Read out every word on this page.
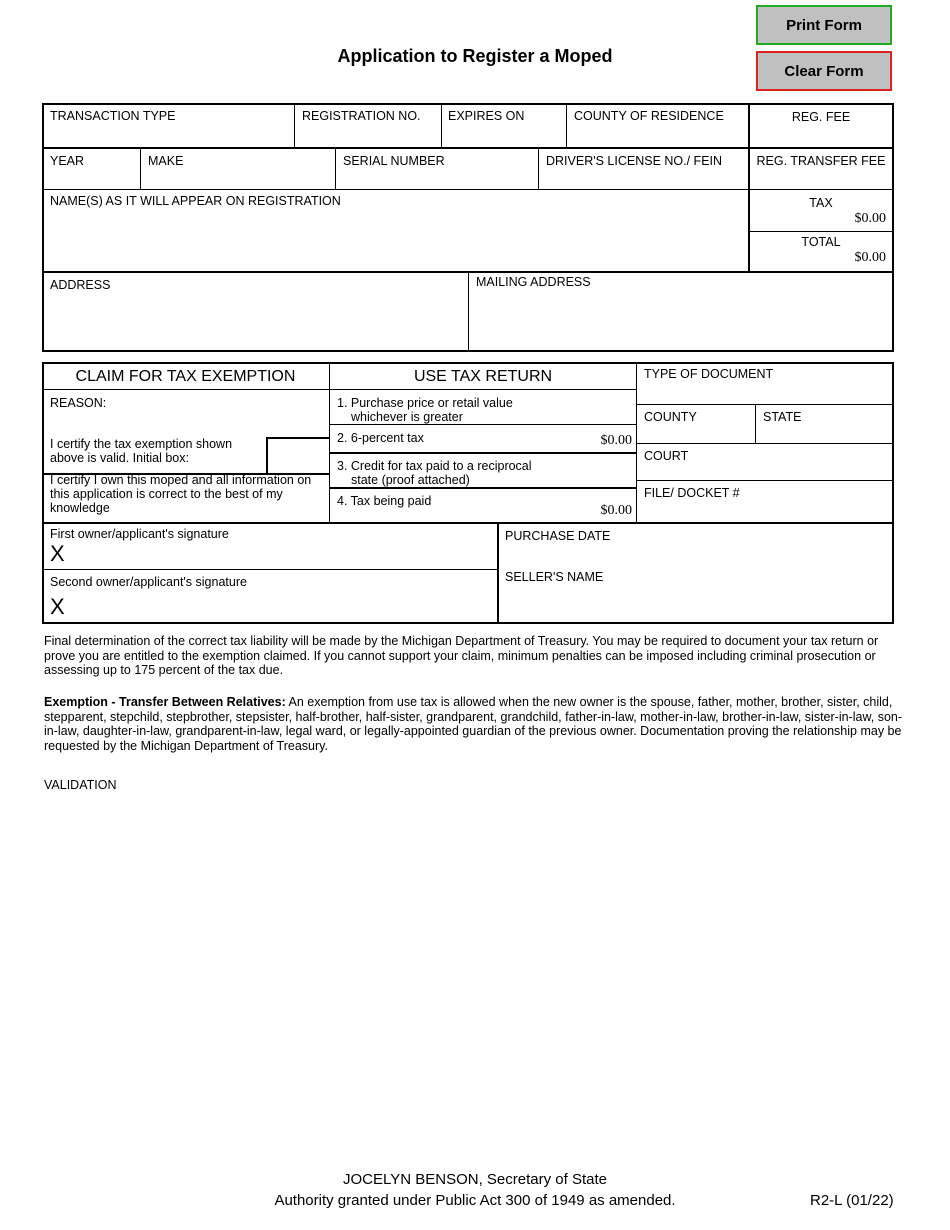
Print Form
Clear Form
Application to Register a Moped
TRANSACTION TYPE	REGISTRATION NO. EXPIRES ON	COUNTY OF RESIDENCE	REG. FEE
YEAR	MAKE	SERIAL NUMBER	DRIVER'S LICENSE NO./ FEIN	REG. TRANSFER FEE
NAME(S) AS IT WILL APPEAR ON REGISTRATION	TAX
$0.00
TOTAL
$0.00
ADDRESS	MAILING ADDRESS
CLAIM FOR TAX EXEMPTION	USE TAX RETURN
REASON:
I certify the tax exemption shown above is valid. Initial box:
I certify I own this moped and all information on this application is correct to the best of my knowledge
1. Purchase price or retail value
whichever is greater
2. 6-percent tax	$0.00
3. Credit for tax paid to a reciprocal
state (proof attached)
4. Tax being paid
$0.00
TYPE OF DOCUMENT
COUNTY	STATE
COURT
FILE/ DOCKET #
First owner/applicant's signature
X
Second owner/applicant's signature
X
PURCHASE DATE
SELLER'S NAME
Final determination of the correct tax liability will be made by the Michigan Department of Treasury. You may be required to document your tax return or prove you are entitled to the exemption claimed. If you cannot support your claim, minimum penalties can be imposed including criminal prosecution or assessing up to 175 percent of the tax due.
Exemption - Transfer Between Relatives: An exemption from use tax is allowed when the new owner is the spouse, father, mother, brother, sister, child, stepparent, stepchild, stepbrother, stepsister, half-brother, half-sister, grandparent, grandchild, father-in-law, mother-in-law, brother-in-law, sister-in-law, son-in-law, daughter-in-law, grandparent-in-law, legal ward, or legally-appointed guardian of the previous owner. Documentation proving the relationship may be requested by the Michigan Department of Treasury.
VALIDATION
JOCELYN BENSON, Secretary of State
Authority granted under Public Act 300 of 1949 as amended.	R2-L (01/22)
